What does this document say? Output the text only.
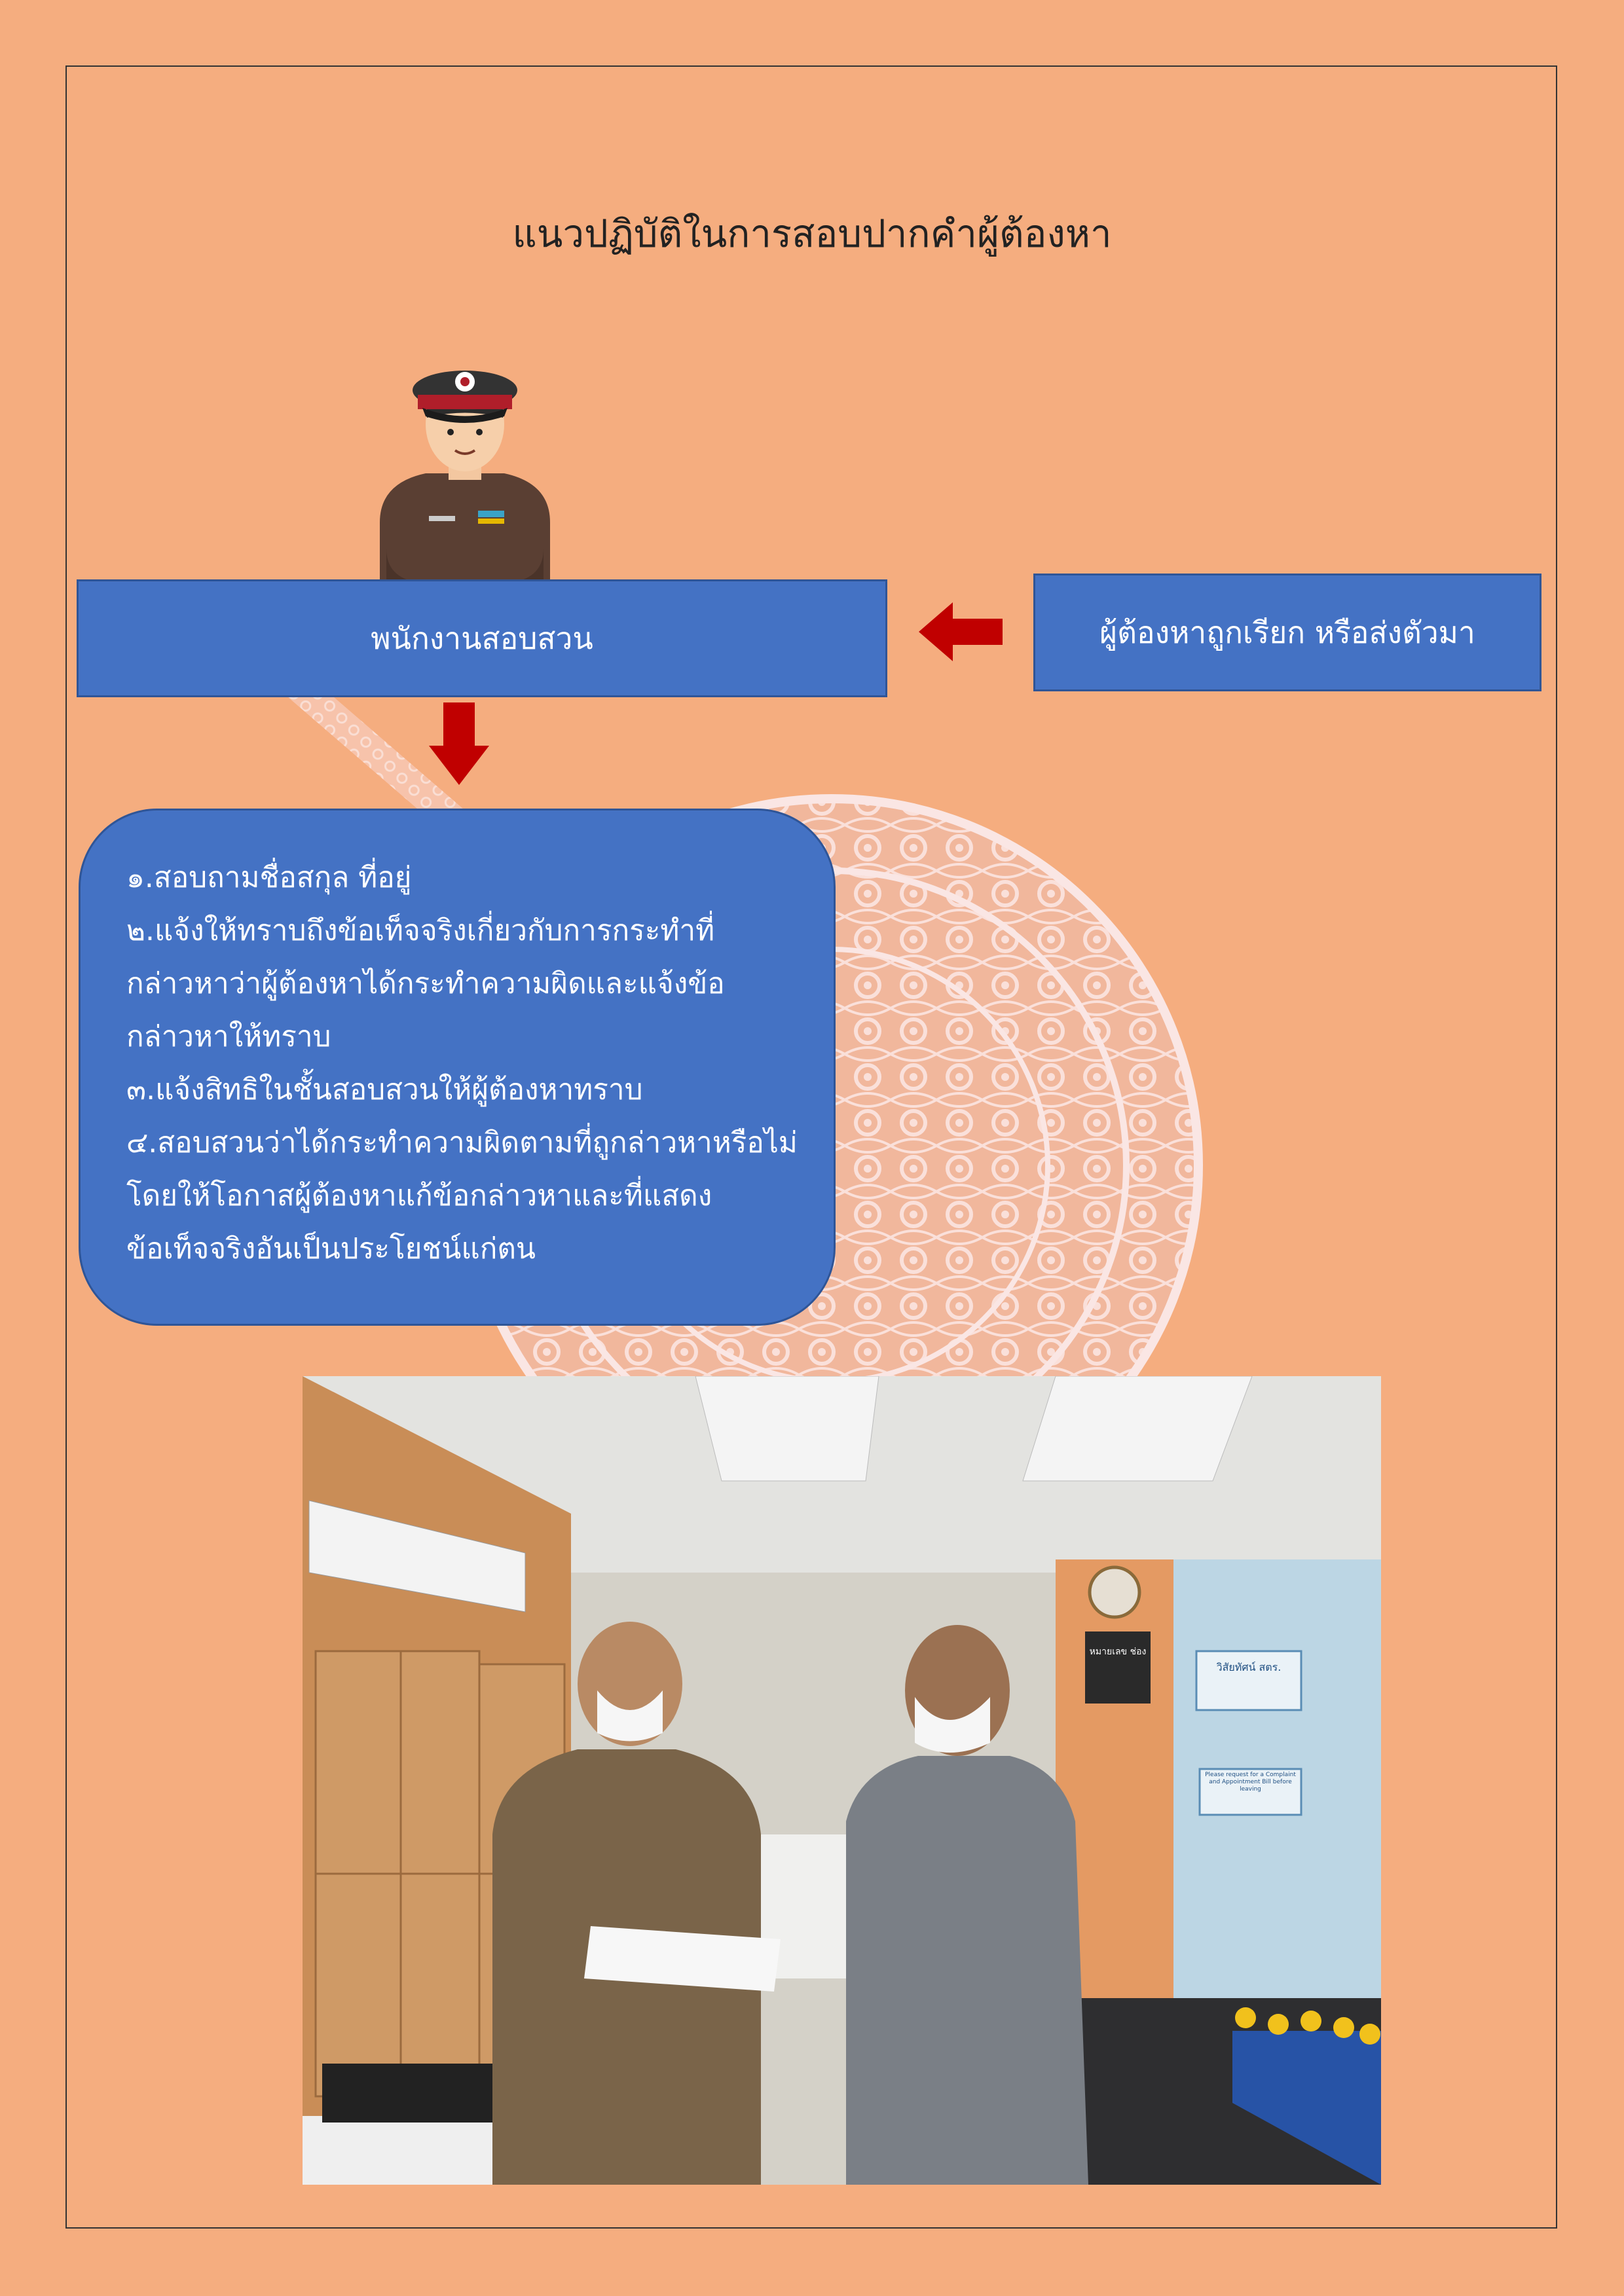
แนวปฏิบัติในการสอบปากคำผู้ต้องหา
พนักงานสอบสวน	ผู้ต้องหาถูกเรียก หรือส่งตัวมา
๑.สอบถามชื่อสกุล ที่อยู่
๒.แจ้งให้ทราบถึงข้อเท็จจริงเกี่ยวกับการกระทำที่
กล่าวหาว่าผู้ต้องหาได้กระทำความผิดและแจ้งข้อ
กล่าวหาให้ทราบ
๓.แจ้งสิทธิในชั้นสอบสวนให้ผู้ต้องหาทราบ
๔.สอบสวนว่าได้กระทำความผิดตามที่ถูกล่าวหาหรือไม่
โดยให้โอกาสผู้ต้องหาแก้ข้อกล่าวหาและที่แสดง
ข้อเท็จจริงอันเป็นประโยชน์แก่ตน
หมายเลข ช่อง
วิสัยทัศน์ สตร.
Please request for a Complaint and Appointment Bill before leaving
